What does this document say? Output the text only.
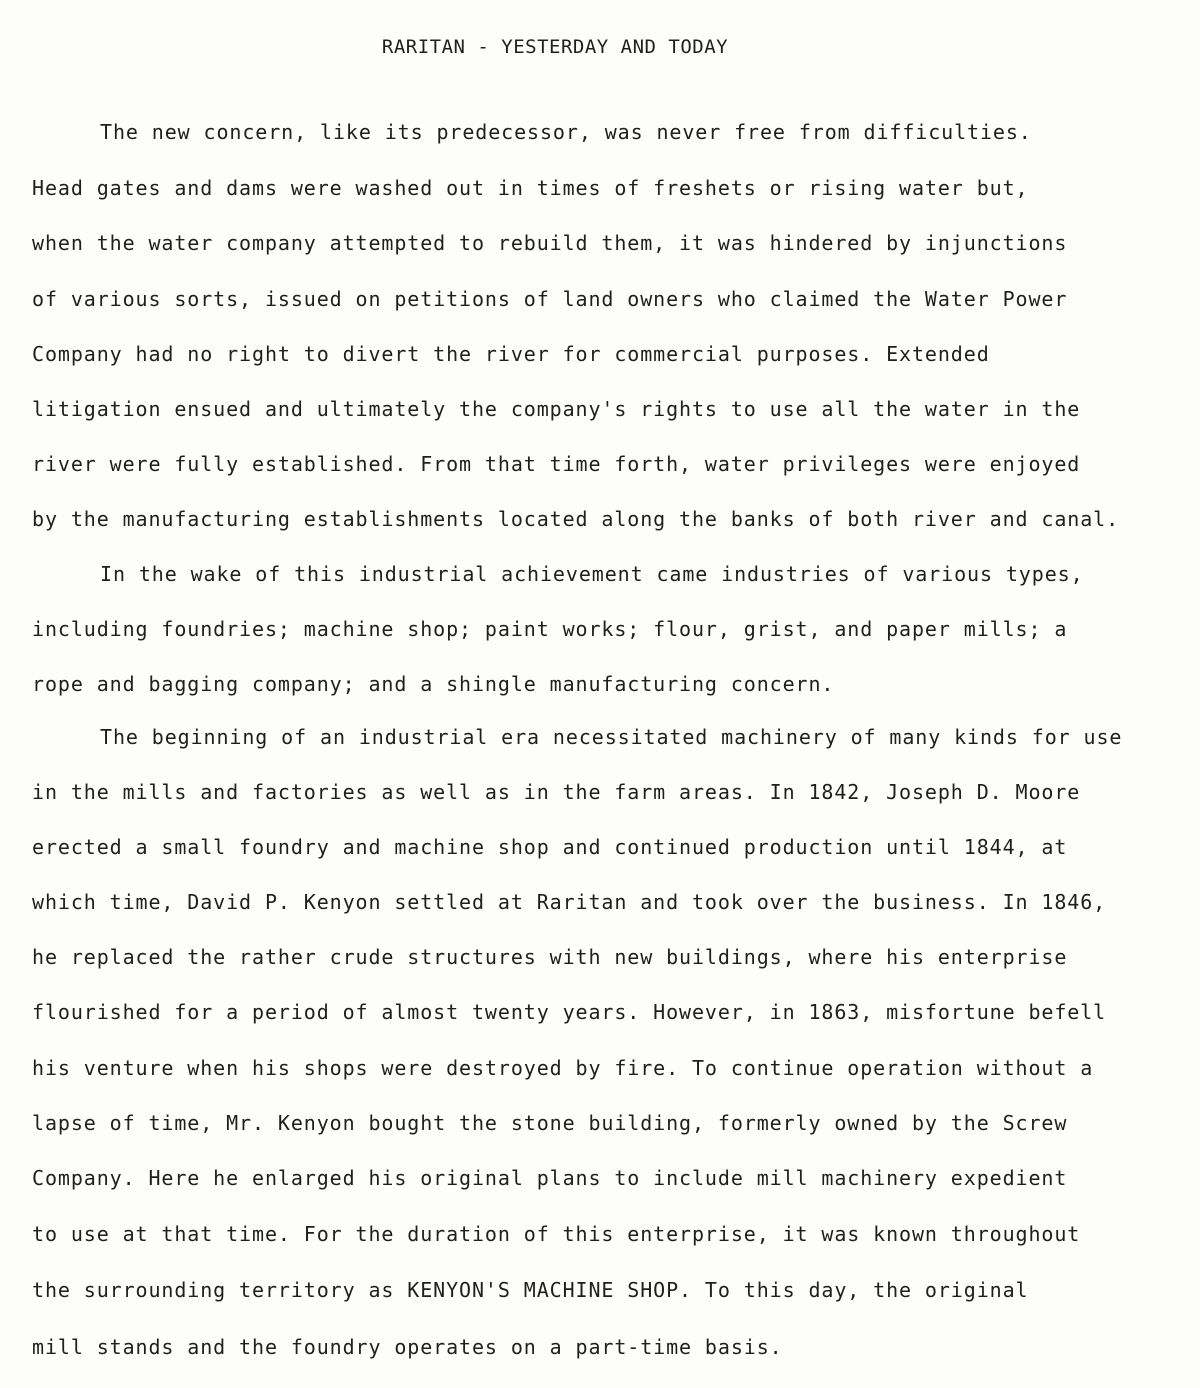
RARITAN - YESTERDAY AND TODAY
The new concern, like its predecessor, was never free from difficulties.
Head gates and dams were washed out in times of freshets or rising water but,
when the water company attempted to rebuild them, it was hindered by injunctions
of various sorts, issued on petitions of land owners who claimed the Water Power
Company had no right to divert the river for commercial purposes. Extended
litigation ensued and ultimately the company's rights to use all the water in the
river were fully established. From that time forth, water privileges were enjoyed
by the manufacturing establishments located along the banks of both river and canal.
In the wake of this industrial achievement came industries of various types,
including foundries; machine shop; paint works; flour, grist, and paper mills; a
rope and bagging company; and a shingle manufacturing concern.
The beginning of an industrial era necessitated machinery of many kinds for use
in the mills and factories as well as in the farm areas. In 1842, Joseph D. Moore
erected a small foundry and machine shop and continued production until 1844, at
which time, David P. Kenyon settled at Raritan and took over the business. In 1846,
he replaced the rather crude structures with new buildings, where his enterprise
flourished for a period of almost twenty years. However, in 1863, misfortune befell
his venture when his shops were destroyed by fire. To continue operation without a
lapse of time, Mr. Kenyon bought the stone building, formerly owned by the Screw
Company. Here he enlarged his original plans to include mill machinery expedient
to use at that time. For the duration of this enterprise, it was known throughout
the surrounding territory as KENYON'S MACHINE SHOP. To this day, the original
mill stands and the foundry operates on a part-time basis.
